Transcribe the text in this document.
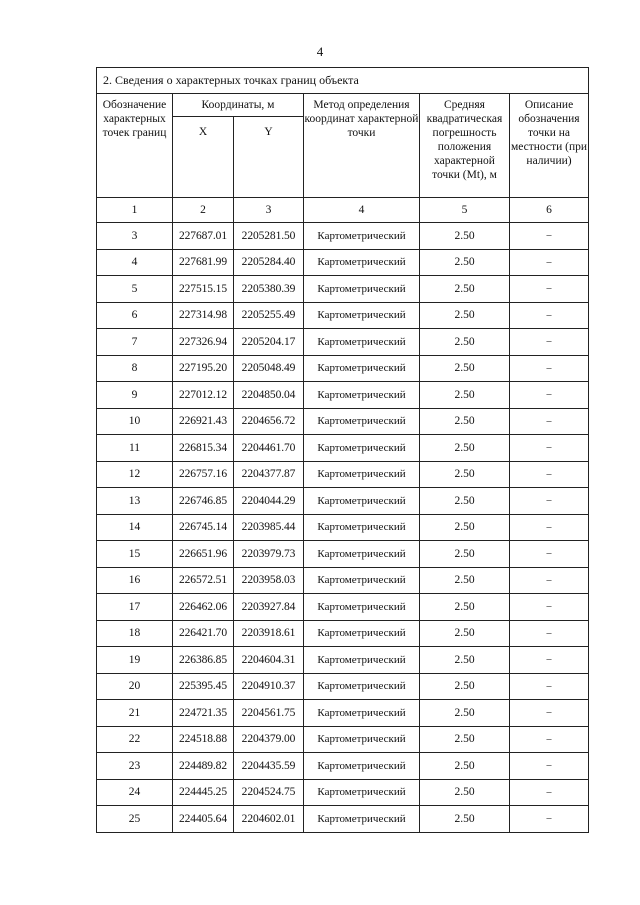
4
2. Сведения о характерных точках границ объекта					
Обозначение характерных точек границ	Координаты, м		Метод определения координат характерной точки	Средняя квадратическая погрешность положения характерной точки (Mt), м	Описание обозначения точки на местности (при наличии)
	X	Y			
1	2	3	4	5	6
3	227687.01	2205281.50	Картометрический	2.50	–
4	227681.99	2205284.40	Картометрический	2.50	–
5	227515.15	2205380.39	Картометрический	2.50	–
6	227314.98	2205255.49	Картометрический	2.50	–
7	227326.94	2205204.17	Картометрический	2.50	–
8	227195.20	2205048.49	Картометрический	2.50	–
9	227012.12	2204850.04	Картометрический	2.50	–
10	226921.43	2204656.72	Картометрический	2.50	–
11	226815.34	2204461.70	Картометрический	2.50	–
12	226757.16	2204377.87	Картометрический	2.50	–
13	226746.85	2204044.29	Картометрический	2.50	–
14	226745.14	2203985.44	Картометрический	2.50	–
15	226651.96	2203979.73	Картометрический	2.50	–
16	226572.51	2203958.03	Картометрический	2.50	–
17	226462.06	2203927.84	Картометрический	2.50	–
18	226421.70	2203918.61	Картометрический	2.50	–
19	226386.85	2204604.31	Картометрический	2.50	–
20	225395.45	2204910.37	Картометрический	2.50	–
21	224721.35	2204561.75	Картометрический	2.50	–
22	224518.88	2204379.00	Картометрический	2.50	–
23	224489.82	2204435.59	Картометрический	2.50	–
24	224445.25	2204524.75	Картометрический	2.50	–
25	224405.64	2204602.01	Картометрический	2.50	–
